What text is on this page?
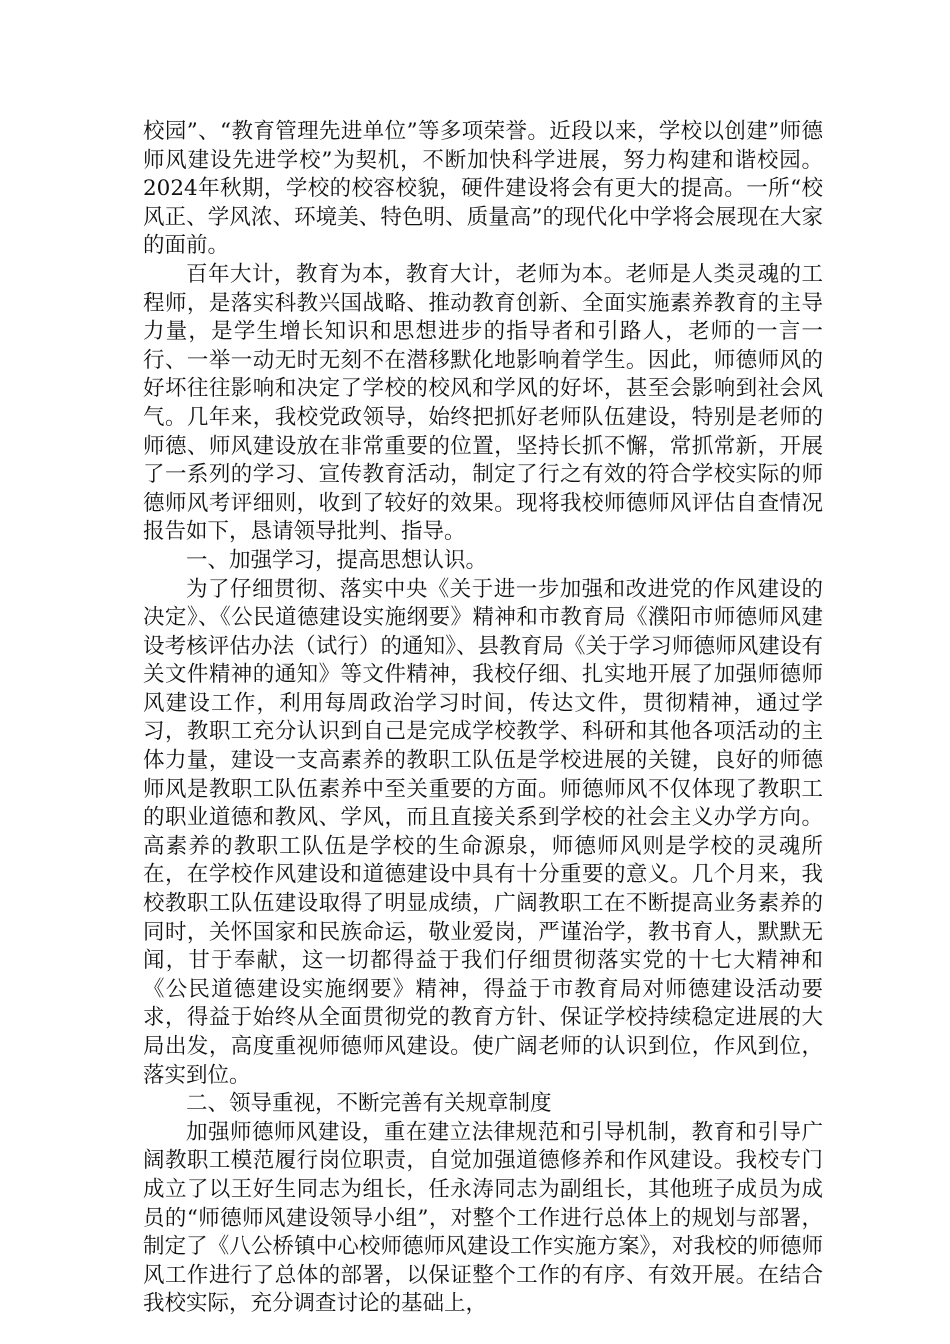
校园”、“教育管理先进单位”等多项荣誉。近段以来，学校以创建”师德师风建设先进学校”为契机，不断加快科学进展，努力构建和谐校园。2024年秋期，学校的校容校貌，硬件建设将会有更大的提高。一所“校风正、学风浓、环境美、特色明、质量高”的现代化中学将会展现在大家的面前。

百年大计，教育为本，教育大计，老师为本。老师是人类灵魂的工程师，是落实科教兴国战略、推动教育创新、全面实施素养教育的主导力量，是学生增长知识和思想进步的指导者和引路人，老师的一言一行、一举一动无时无刻不在潜移默化地影响着学生。因此，师德师风的好坏往往影响和决定了学校的校风和学风的好坏，甚至会影响到社会风气。几年来，我校党政领导，始终把抓好老师队伍建设，特别是老师的师德、师风建设放在非常重要的位置，坚持长抓不懈，常抓常新，开展了一系列的学习、宣传教育活动，制定了行之有效的符合学校实际的师德师风考评细则，收到了较好的效果。现将我校师德师风评估自查情况报告如下，恳请领导批判、指导。

一、加强学习，提高思想认识。

为了仔细贯彻、落实中央《关于进一步加强和改进党的作风建设的决定》、《公民道德建设实施纲要》精神和市教育局《濮阳市师德师风建设考核评估办法（试行）的通知》、县教育局《关于学习师德师风建设有关文件精神的通知》等文件精神，我校仔细、扎实地开展了加强师德师风建设工作，利用每周政治学习时间，传达文件，贯彻精神，通过学习，教职工充分认识到自己是完成学校教学、科研和其他各项活动的主体力量，建设一支高素养的教职工队伍是学校进展的关键，良好的师德师风是教职工队伍素养中至关重要的方面。师德师风不仅体现了教职工的职业道德和教风、学风，而且直接关系到学校的社会主义办学方向。高素养的教职工队伍是学校的生命源泉，师德师风则是学校的灵魂所在，在学校作风建设和道德建设中具有十分重要的意义。几个月来，我校教职工队伍建设取得了明显成绩，广阔教职工在不断提高业务素养的同时，关怀国家和民族命运，敬业爱岗，严谨治学，教书育人，默默无闻，甘于奉献，这一切都得益于我们仔细贯彻落实党的十七大精神和《公民道德建设实施纲要》精神，得益于市教育局对师德建设活动要求，得益于始终从全面贯彻党的教育方针、保证学校持续稳定进展的大局出发，高度重视师德师风建设。使广阔老师的认识到位，作风到位，落实到位。

二、领导重视，不断完善有关规章制度

加强师德师风建设，重在建立法律规范和引导机制，教育和引导广阔教职工模范履行岗位职责，自觉加强道德修养和作风建设。我校专门成立了以王好生同志为组长，任永涛同志为副组长，其他班子成员为成员的“师德师风建设领导小组”，对整个工作进行总体上的规划与部署，制定了《八公桥镇中心校师德师风建设工作实施方案》，对我校的师德师风工作进行了总体的部署，以保证整个工作的有序、有效开展。在结合我校实际，充分调查讨论的基础上，
